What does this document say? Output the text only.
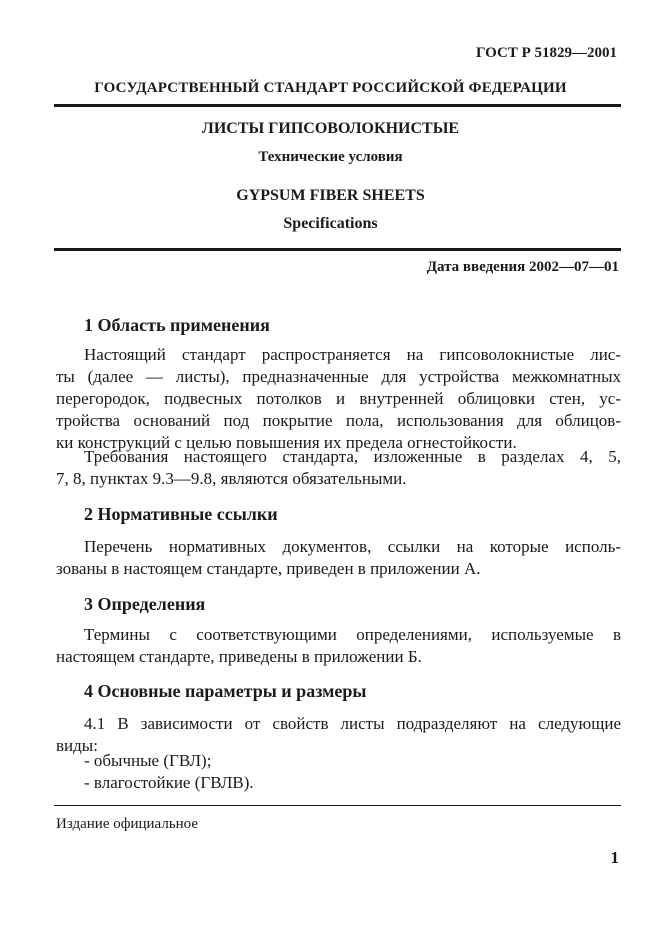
ГОСТ Р 51829—2001
ГОСУДАРСТВЕННЫЙ СТАНДАРТ РОССИЙСКОЙ ФЕДЕРАЦИИ
ЛИСТЫ ГИПСОВОЛОКНИСТЫЕ
Технические условия
GYPSUM FIBER SHEETS
Specifications
Дата введения 2002—07—01
1 Область применения
Настоящий стандарт распространяется на гипсоволокнистые лис-
ты (далее — листы), предназначенные для устройства межкомнатных
перегородок, подвесных потолков и внутренней облицовки стен, ус-
тройства оснований под покрытие пола, использования для облицов-
ки конструкций с целью повышения их предела огнестойкости.
Требования настоящего стандарта, изложенные в разделах 4, 5,
7, 8, пунктах 9.3—9.8, являются обязательными.
2 Нормативные ссылки
Перечень нормативных документов, ссылки на которые исполь-
зованы в настоящем стандарте, приведен в приложении А.
3 Определения
Термины с соответствующими определениями, используемые в
настоящем стандарте, приведены в приложении Б.
4 Основные параметры и размеры
4.1 В зависимости от свойств листы подразделяют на следующие
виды:
- обычные (ГВЛ);
- влагостойкие (ГВЛВ).
Издание официальное
1
